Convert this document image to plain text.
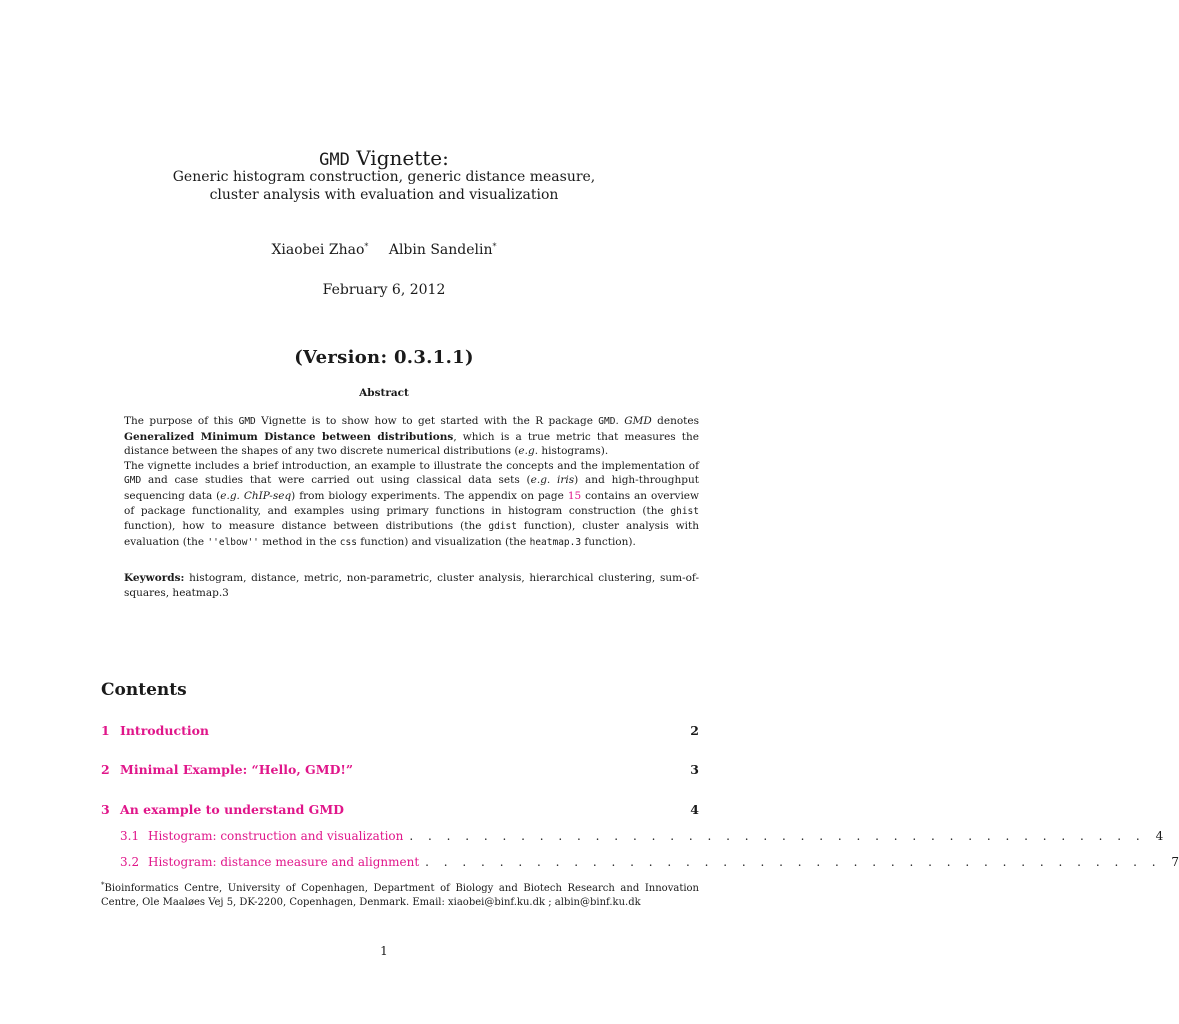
GMD Vignette:
Generic histogram construction, generic distance measure,
cluster analysis with evaluation and visualization
Xiaobei Zhao* Albin Sandelin*
February 6, 2012
(Version: 0.3.1.1)
Abstract

The purpose of this GMD Vignette is to show how to get started with the R package GMD. GMD denotes Generalized Minimum Distance between distributions, which is a true metric that measures the distance between the shapes of any two discrete numerical distributions (e.g. histograms).

The vignette includes a brief introduction, an example to illustrate the concepts and the implementation of GMD and case studies that were carried out using classical data sets (e.g. iris) and high-throughput sequencing data (e.g. ChIP-seq) from biology experiments. The appendix on page 15 contains an overview of package functionality, and examples using primary functions in histogram construction (the ghist function), how to measure distance between distributions (the gdist function), cluster analysis with evaluation (the ''elbow'' method in the css function) and visualization (the heatmap.3 function).

Keywords: histogram, distance, metric, non-parametric, cluster analysis, hierarchical clustering, sum-of-squares, heatmap.3
Contents
1 Introduction	2
2 Minimal Example: “Hello, GMD!”	3
3 An example to understand GMD	4
3.1 Histogram: construction and visualization . . . . . . . . . . . . . . . . . . . . . . . . . . . . . . . . . . . . . . . . 4
3.2 Histogram: distance measure and alignment . . . . . . . . . . . . . . . . . . . . . . . . . . . . . . . . . . . . . . . . 7
*Bioinformatics Centre, University of Copenhagen, Department of Biology and Biotech Research and Innovation Centre, Ole Maaløes Vej 5, DK-2200, Copenhagen, Denmark. Email: xiaobei@binf.ku.dk ; albin@binf.ku.dk
1
